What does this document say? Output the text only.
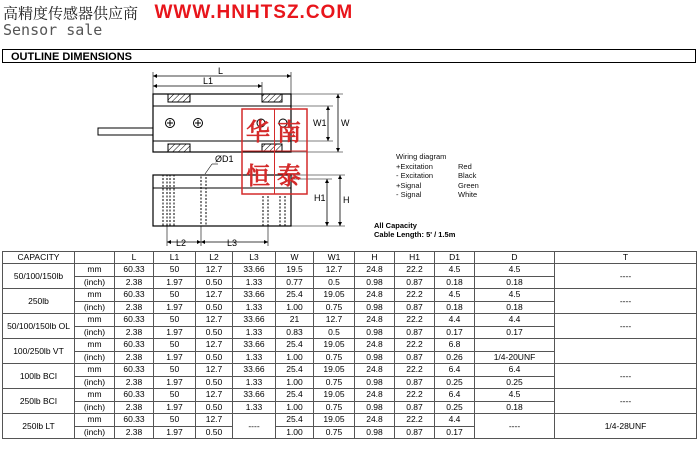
高精度传感器供应商 WWW.HNHTSZ.COM
Sensor sale
OUTLINE DIMENSIONS
L
L1
W
W1
ØD1
H
H1
L2	L3
华 南
恒 泰
Wiring diagram
+Excitation	Red
- Excitation	Black
+Signal	Green
- Signal	White
All Capacity
Cable Length: 5' / 1.5m
CAPACITY		L	L1	L2	L3	W	W1	H	H1	D1	D	T
50/100/150lb	mm	60.33	50	12.7	33.66	19.5	12.7	24.8	22.2	4.5	4.5	----
	(inch)	2.38	1.97	0.50	1.33	0.77	0.5	0.98	0.87	0.18	0.18	
250lb	mm	60.33	50	12.7	33.66	25.4	19.05	24.8	22.2	4.5	4.5	----
	(inch)	2.38	1.97	0.50	1.33	1.00	0.75	0.98	0.87	0.18	0.18	
50/100/150lb OL	mm	60.33	50	12.7	33.66	21	12.7	24.8	22.2	4.4	4.4	----
	(inch)	2.38	1.97	0.50	1.33	0.83	0.5	0.98	0.87	0.17	0.17	
100/250lb VT	mm	60.33	50	12.7	33.66	25.4	19.05	24.8	22.2	6.8		
	(inch)	2.38	1.97	0.50	1.33	1.00	0.75	0.98	0.87	0.26	1/4-20UNF	
100lb BCI	mm	60.33	50	12.7	33.66	25.4	19.05	24.8	22.2	6.4	6.4	----
	(inch)	2.38	1.97	0.50	1.33	1.00	0.75	0.98	0.87	0.25	0.25	
250lb BCI	mm	60.33	50	12.7	33.66	25.4	19.05	24.8	22.2	6.4	4.5	----
	(inch)	2.38	1.97	0.50	1.33	1.00	0.75	0.98	0.87	0.25	0.18	
250lb LT	mm	60.33	50	12.7	----	25.4	19.05	24.8	22.2	4.4	----	1/4-28UNF
	(inch)	2.38	1.97	0.50		1.00	0.75	0.98	0.87	0.17		
